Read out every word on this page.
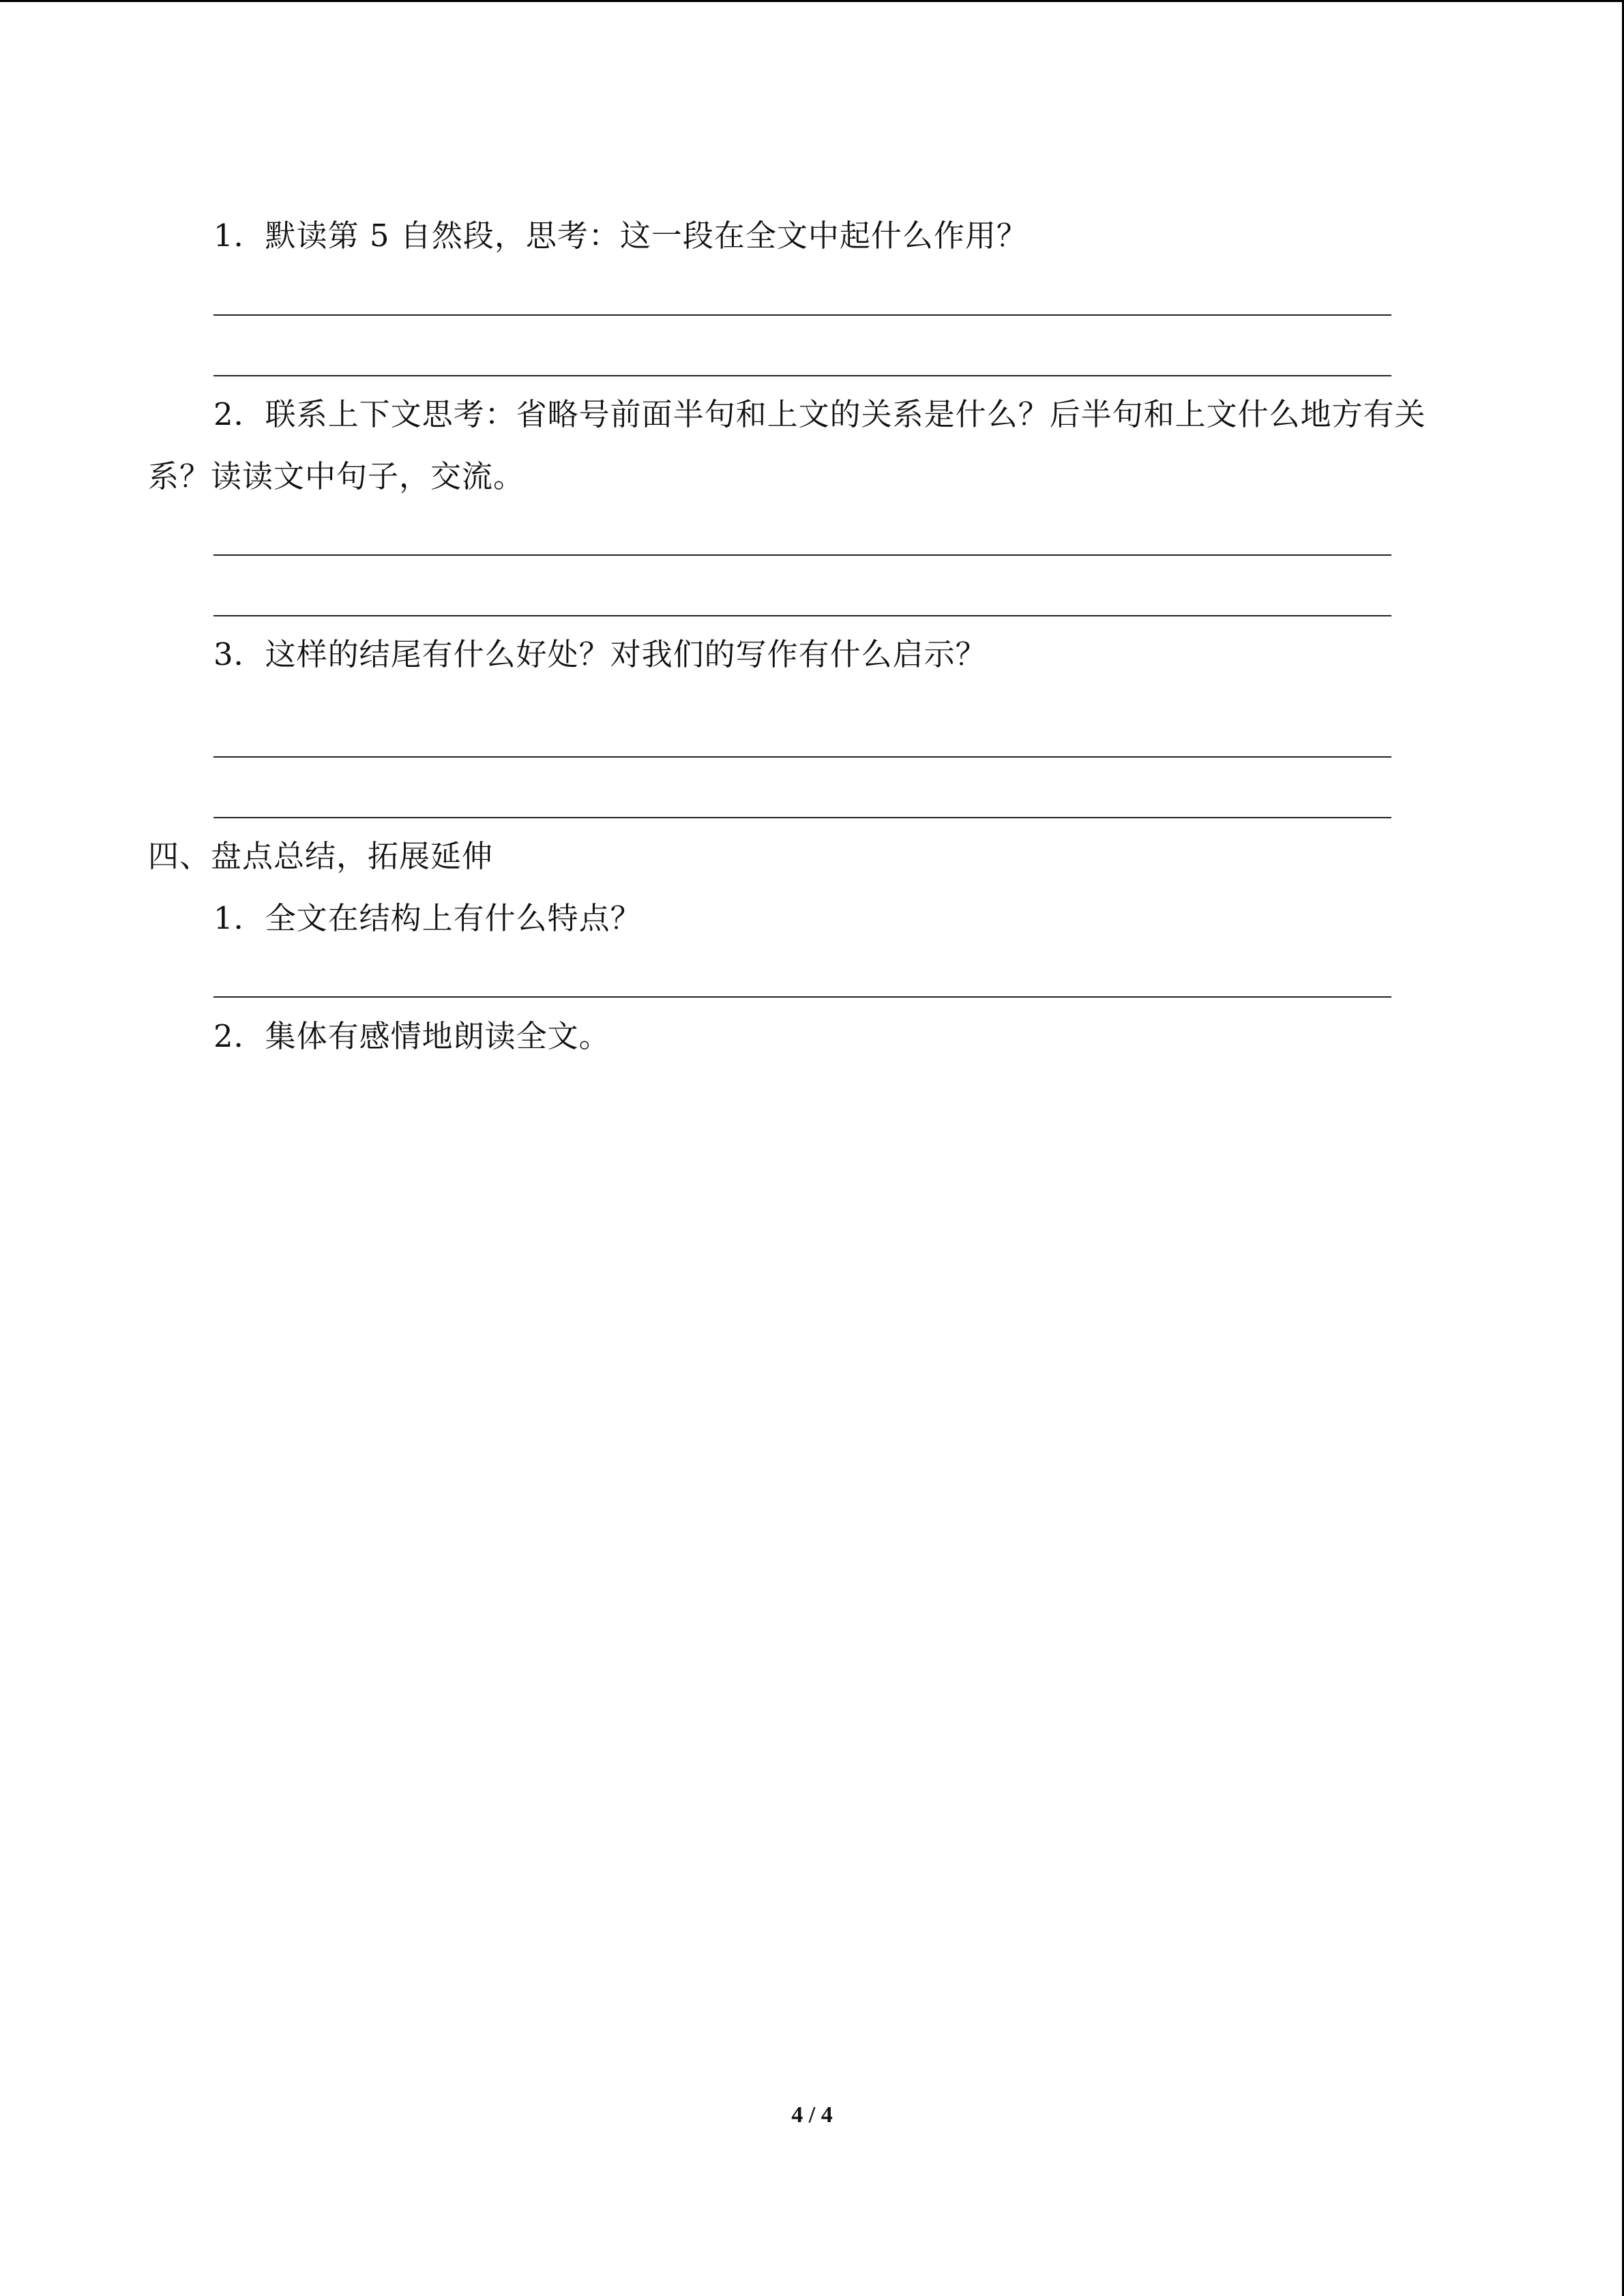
1．默读第 5 自然段，思考：这一段在全文中起什么作用？
2．联系上下文思考：省略号前面半句和上文的关系是什么？后半句和上文什么地方有关
系？读读文中句子，交流。
3．这样的结尾有什么好处？对我们的写作有什么启示？
四、盘点总结，拓展延伸
1．全文在结构上有什么特点？
2．集体有感情地朗读全文。
4 / 4
